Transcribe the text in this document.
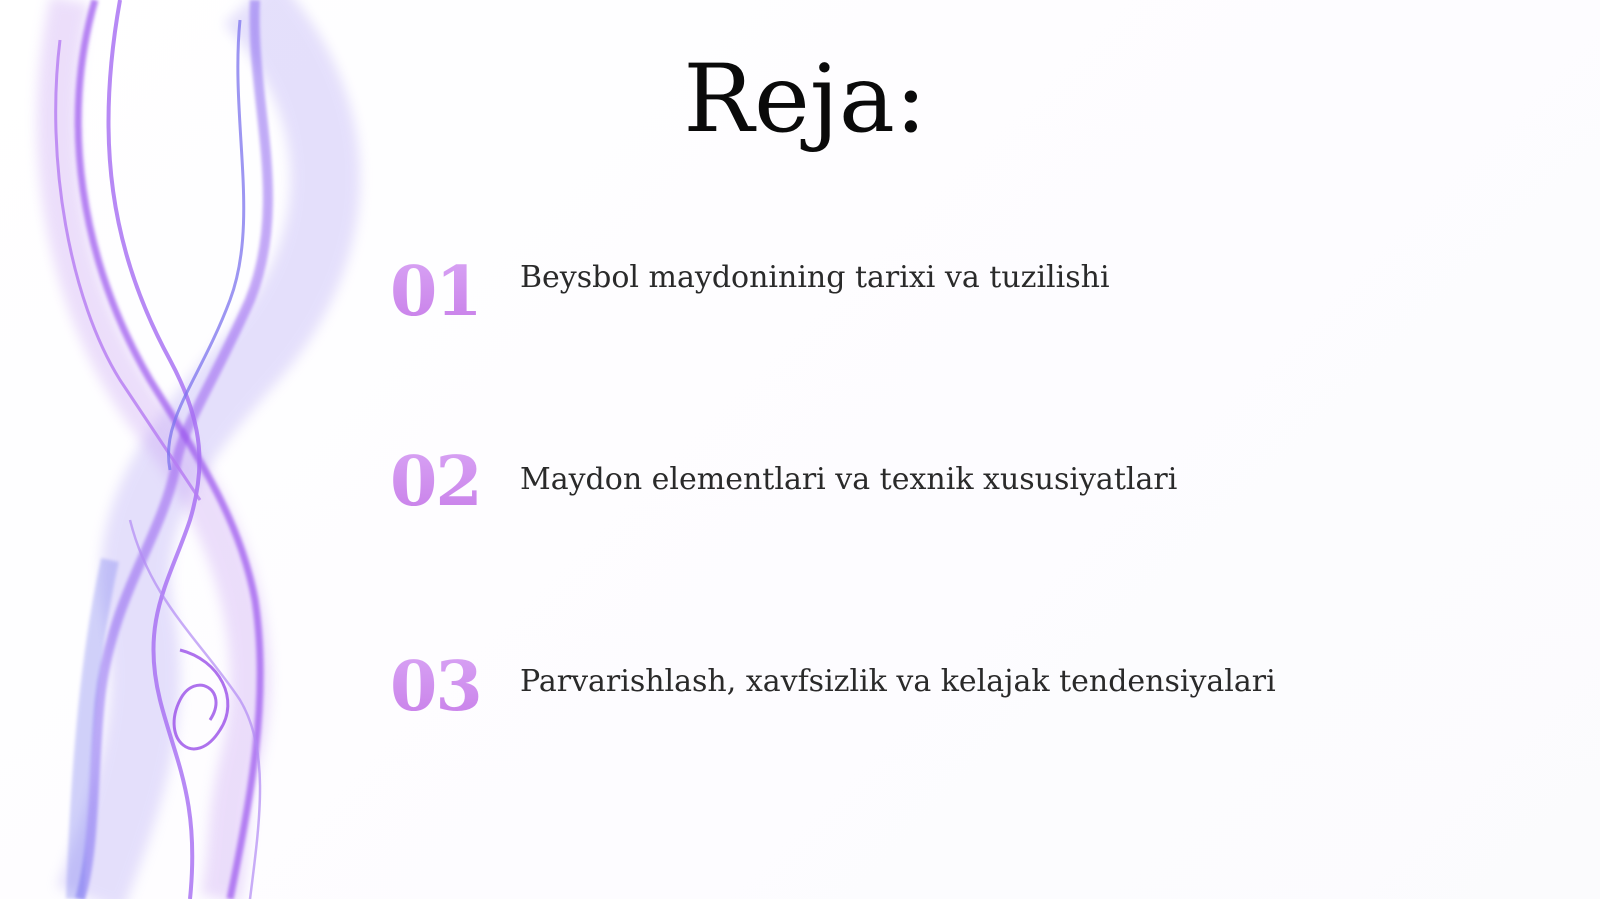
Reja:
01 Beysbol maydonining tarixi va tuzilishi
02 Maydon elementlari va texnik xususiyatlari
03 Parvarishlash, xavfsizlik va kelajak tendensiyalari
